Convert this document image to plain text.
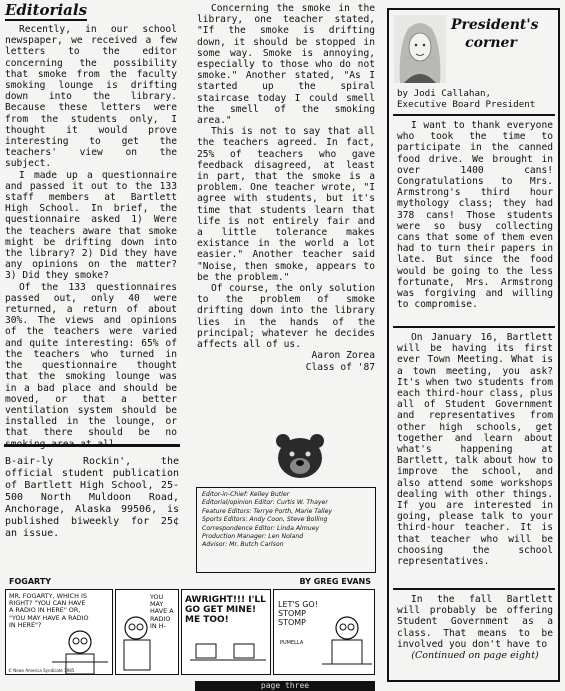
Editorials

Recently, in our school newspaper, we received a few letters to the editor concerning the possibility that smoke from the faculty smoking lounge is drifting down into the library. Because these letters were from the students only, I thought it would prove interesting to get the teachers' view on the subject.

I made up a questionnaire and passed it out to the 133 staff members at Bartlett High School. In brief, the questionnaire asked 1) Were the teachers aware that smoke might be drifting down into the library? 2) Did they have any opinions on the matter? 3) Did they smoke?

Of the 133 questionnaires passed out, only 40 were returned, a return of about 30%. The views and opinions of the teachers were varied and quite interesting: 65% of the teachers who turned in the questionnaire thought that the smoking lounge was in a bad place and should be moved, or that a better ventilation system should be installed in the lounge, or that there should be no

Concerning the smoke in the library, one teacher stated, "If the smoke is drifting down, it should be stopped in some way. Smoke is annoying, especially to those who do not smoke." Another stated, "As I started up the spiral staircase today I could smell the smell of the smoking area."

This is not to say that all the teachers agreed. In fact, 25% of teachers who gave feedback disagreed, at least in part, that the smoke is a problem. One teacher wrote, "I agree with students, but it's time that students learn that life is not entirely fair and a little tolerance makes existance in the world a lot easier." Another teacher said "Noise, then smoke, appears to be the problem."

Of course, the only solution to the problem of smoke drifting down into the library lies in the hands of the principal; whatever he decides affects all of us.

Aaron Zorea

Class of '87

B-air-ly Rockin', the official student publication of Bartlett High School, 25-500 North Muldoon Road, Anchorage, Alaska 99506, is published biweekly for 25¢ an issue.

Editor-in-Chief: Kelley Butler
Editorial/opinion Editor: Curtis W. Thayer
Feature Editors: Terrye Porth, Marie Talley
Sports Editors: Andy Coon, Steve Bolling
Correspondence Editor: Linda Almuey
Production Manager: Len Noland
Advisor: Mr. Butch Carlson
FOGARTY	BY GREG EVANS
MR. FOGARTY, WHICH IS RIGHT? "YOU CAN HAVE A RADIO IN HERE" OR, "YOU MAY HAVE A RADIO IN HERE"?
© News America Syndicate 1985
YOU MAY HAVE A RADIO IN H-
AWRIGHT!!! I'LL GO GET MINE! ME TOO!
LET'S GO! STOMP STOMP
PUMELLA
President's
corner
by Jodi Callahan,
Executive Board President

I want to thank everyone who took the time to participate in the canned food drive. We brought in over 1400 cans! Congratulations to Mrs. Armstrong's third hour mythology class; they had 378 cans! Those students were so busy collecting cans that some of them even had to turn their papers in late. But since the food would be going to the less fortunate, Mrs. Armstrong was forgiving and willing to compromise.

On January 16, Bartlett will be having its first ever Town Meeting. What is a town meeting, you ask? It's when two students from each third-hour class, plus all of Student Government and representatives from other high schools, get together and learn about what's happening at Bartlett, talk about how to improve the school, and also attend some workshops dealing with other things. If you are interested in going, please talk to your third-hour teacher. It is that teacher who will be choosing the school representatives.

In the fall Bartlett will probably be offering Student Government as a class. That means to be involved you don't have to

(Continued on page eight)

page three
